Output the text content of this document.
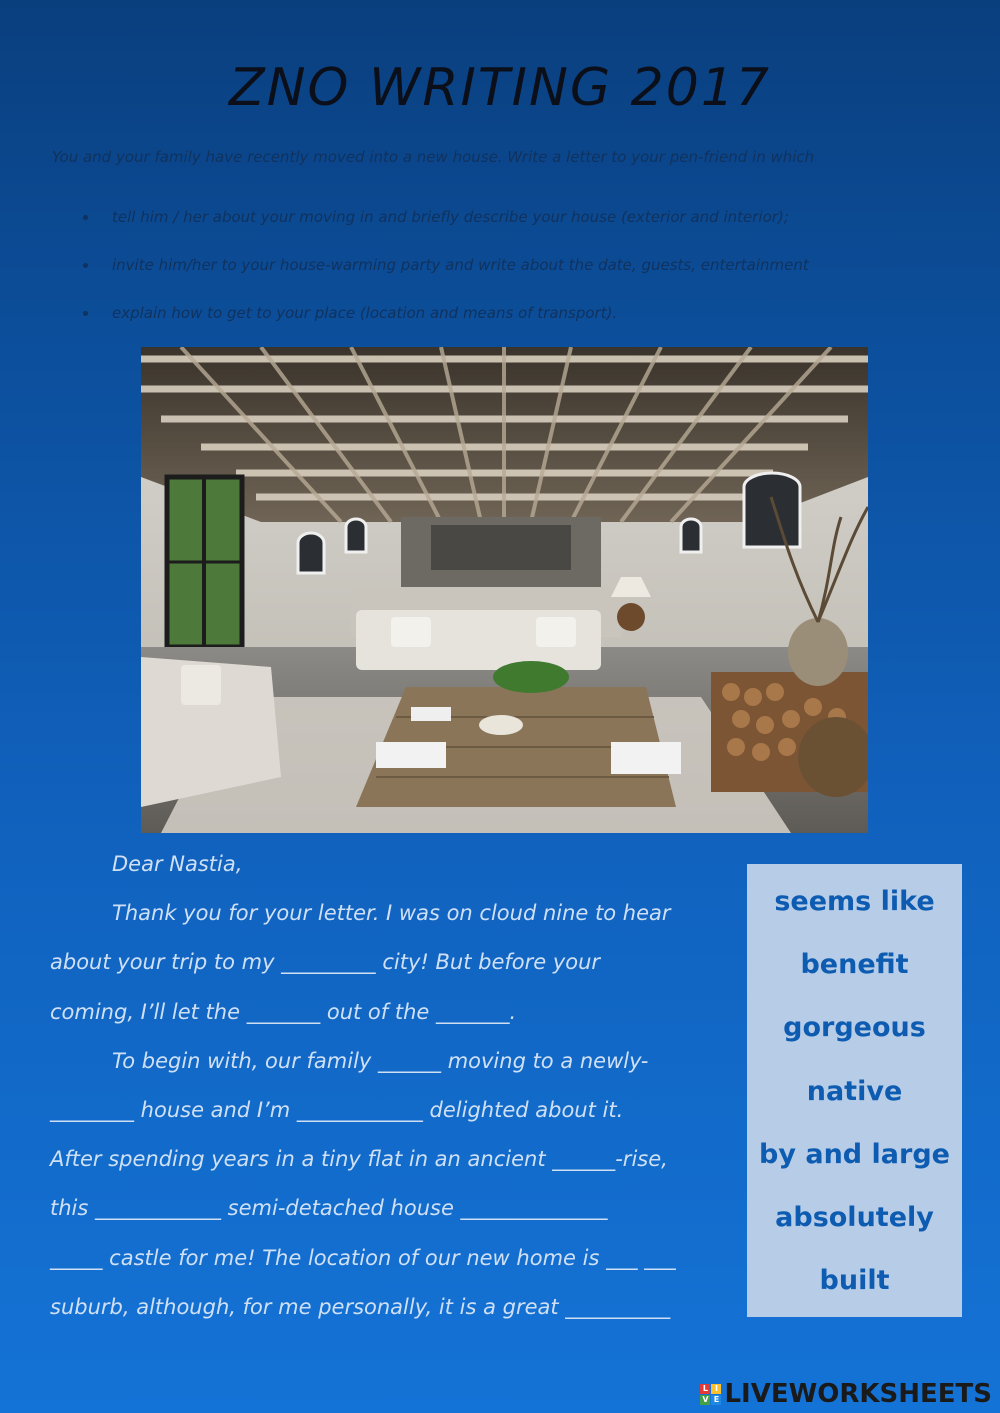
ZNO WRITING 2017
You and your family have recently moved into a new house. Write a letter to your pen-friend in which
tell him / her about your moving in and briefly describe your house (exterior and interior);
invite him/her to your house-warming party and write about the date, guests, entertainment
explain how to get to your place (location and means of transport).
Dear Nastia,
Thank you for your letter. I was on cloud nine to hear
about your trip to my _________ city! But before your
coming, I’ll let the _______ out of the _______.
To begin with, our family ______ moving to a newly-
________ house and I’m ____________ delighted about it.
After spending years in a tiny flat in an ancient ______-rise,
this ____________ semi-detached house ______________
_____ castle for me! The location of our new home is ___ ___
suburb, although, for me personally, it is a great __________
seems like
benefit
gorgeous
native
by and large
absolutely
built
L I
V E LIVEWORKSHEETS
